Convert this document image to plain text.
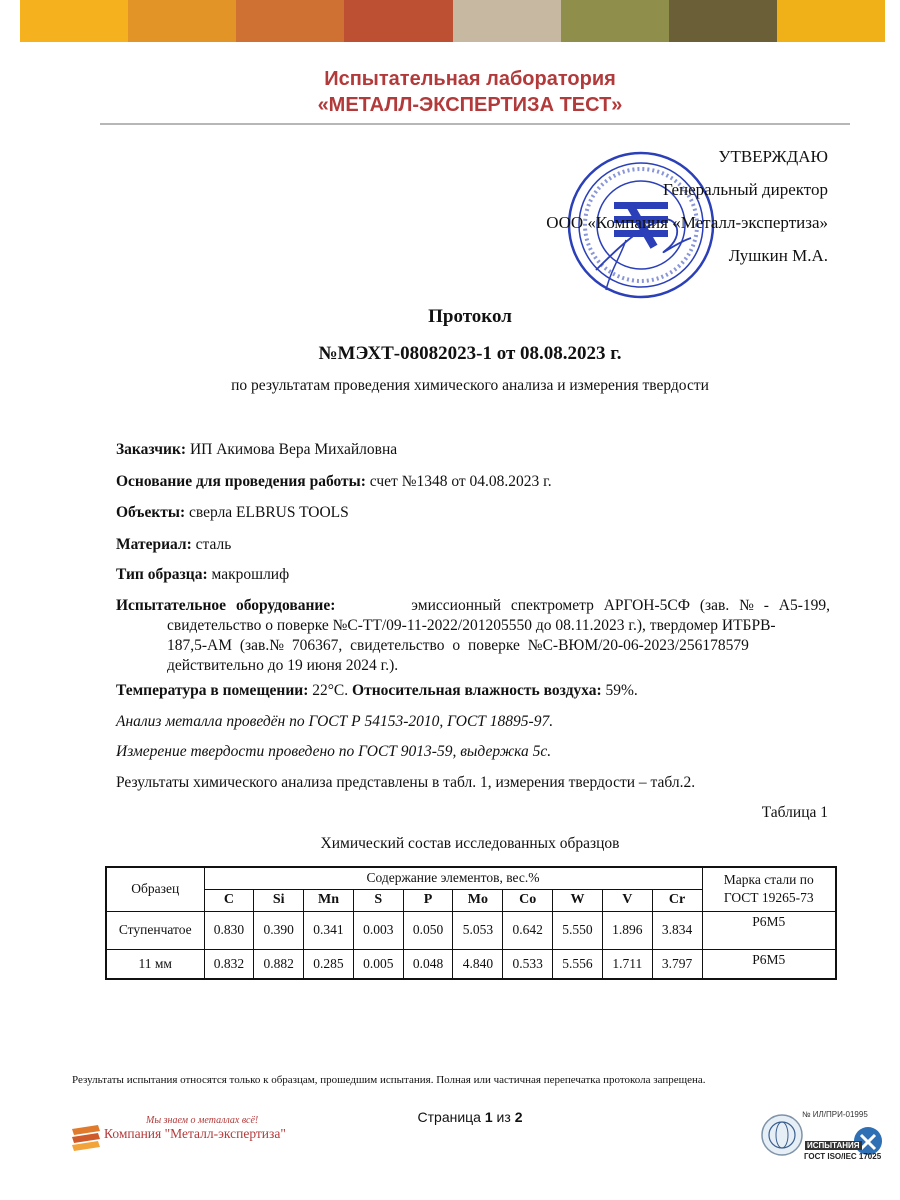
Испытательная лаборатория
«МЕТАЛЛ-ЭКСПЕРТИЗА ТЕСТ»
УТВЕРЖДАЮ
Генеральный директор
ООО «Компания «Металл-экспертиза»
Лушкин М.А.
Протокол
№МЭХТ-08082023-1 от 08.08.2023 г.
по результатам проведения химического анализа и измерения твердости
Заказчик: ИП Акимова Вера Михайловна
Основание для проведения работы: счет №1348 от 04.08.2023 г.
Объекты: сверла ELBRUS TOOLS
Материал: сталь
Тип образца: макрошлиф
Испытательное оборудование:	эмиссионный спектрометр АРГОН-5СФ (зав. № - А5-199,
свидетельство о поверке №С-ТТ/09-11-2022/201205550 до 08.11.2023 г.), твердомер ИТБРВ-
187,5-АМ (зав.№ 706367, свидетельство о поверке №С-ВЮМ/20-06-2023/256178579
действительно до 19 июня 2024 г.).
Температура в помещении: 22°С. Относительная влажность воздуха: 59%.
Анализ металла проведён по ГОСТ Р 54153-2010, ГОСТ 18895-97.
Измерение твердости проведено по ГОСТ 9013-59, выдержка 5с.
Результаты химического анализа представлены в табл. 1, измерения твердости – табл.2.
Таблица 1
Химический состав исследованных образцов
Образец	Содержание элементов, вес.%										Марка стали по
ГОСТ 19265-73

	C	Si	Mn	S	P	Mo	Co	W	V	Cr	
Ступенчатое	0.830	0.390	0.341	0.003	0.050	5.053	0.642	5.550	1.896	3.834	Р6М5
11 мм	0.832	0.882	0.285	0.005	0.048	4.840	0.533	5.556	1.711	3.797	Р6М5
Результаты испытания относятся только к образцам, прошедшим испытания. Полная или частичная перепечатка протокола запрещена.
Страница 1 из 2
Мы знаем о металлах всё!
Компания "Металл-экспертиза"
№ ИЛ/ПРИ-01995
ИСПЫТАНИЯ
ГОСТ ISO/IEC 17025
